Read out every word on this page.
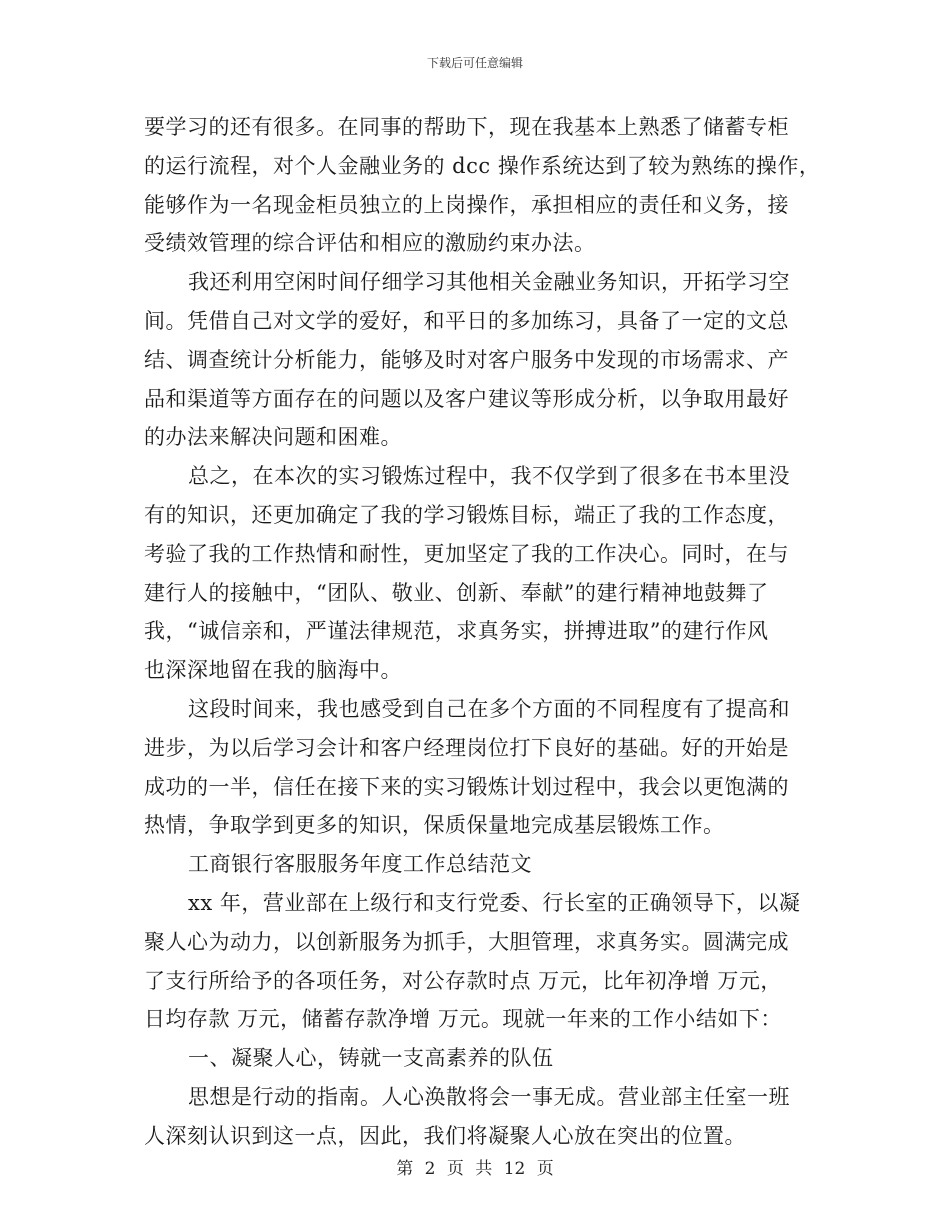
下载后可任意编辑
要学习的还有很多。在同事的帮助下，现在我基本上熟悉了储蓄专柜
的运行流程，对个人金融业务的 dcc 操作系统达到了较为熟练的操作，
能够作为一名现金柜员独立的上岗操作，承担相应的责任和义务，接
受绩效管理的综合评估和相应的激励约束办法。
我还利用空闲时间仔细学习其他相关金融业务知识，开拓学习空
间。凭借自己对文学的爱好，和平日的多加练习，具备了一定的文总
结、调查统计分析能力，能够及时对客户服务中发现的市场需求、产
品和渠道等方面存在的问题以及客户建议等形成分析，以争取用最好
的办法来解决问题和困难。
总之，在本次的实习锻炼过程中，我不仅学到了很多在书本里没
有的知识，还更加确定了我的学习锻炼目标，端正了我的工作态度，
考验了我的工作热情和耐性，更加坚定了我的工作决心。同时，在与
建行人的接触中，“团队、敬业、创新、奉献”的建行精神地鼓舞了
我，“诚信亲和，严谨法律规范，求真务实，拼搏进取”的建行作风
也深深地留在我的脑海中。
这段时间来，我也感受到自己在多个方面的不同程度有了提高和
进步，为以后学习会计和客户经理岗位打下良好的基础。好的开始是
成功的一半，信任在接下来的实习锻炼计划过程中，我会以更饱满的
热情，争取学到更多的知识，保质保量地完成基层锻炼工作。
工商银行客服服务年度工作总结范文
xx 年，营业部在上级行和支行党委、行长室的正确领导下，以凝
聚人心为动力，以创新服务为抓手，大胆管理，求真务实。圆满完成
了支行所给予的各项任务，对公存款时点 万元，比年初净增 万元，
日均存款 万元，储蓄存款净增 万元。现就一年来的工作小结如下：
一、凝聚人心，铸就一支高素养的队伍
思想是行动的指南。人心涣散将会一事无成。营业部主任室一班
人深刻认识到这一点，因此，我们将凝聚人心放在突出的位置。
第 2 页 共 12 页
